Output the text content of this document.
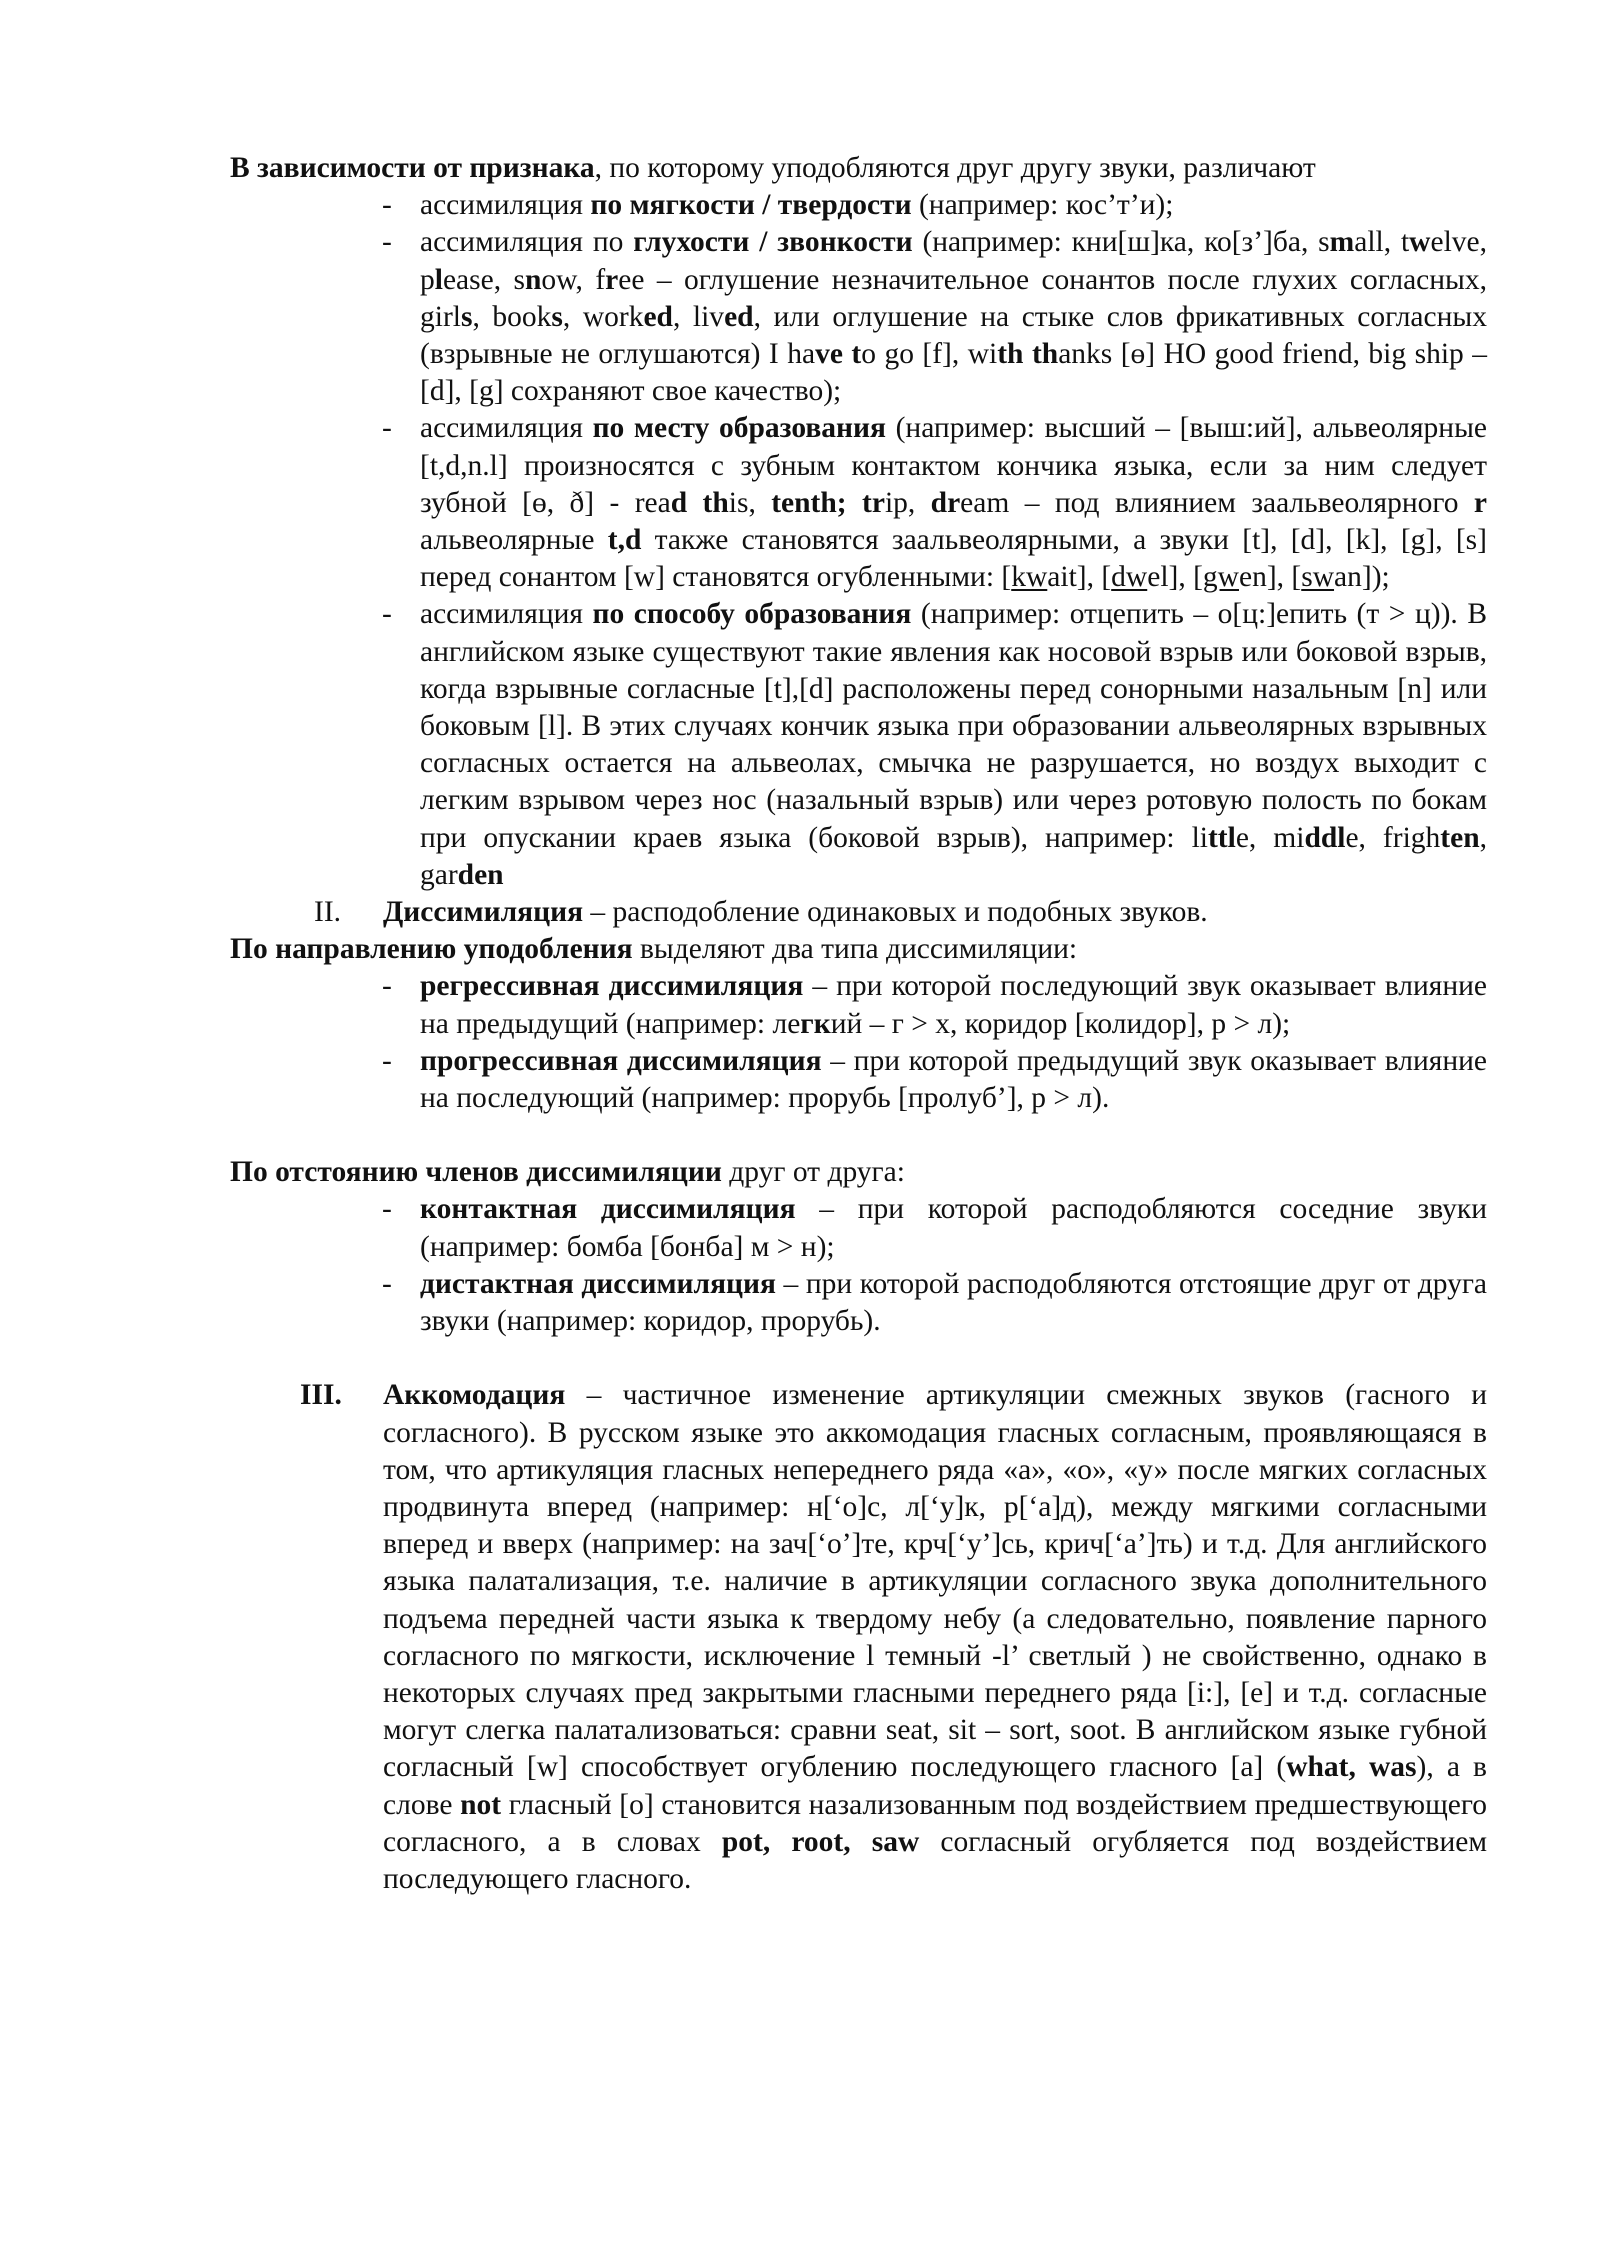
В зависимости от признака, по которому уподобляются друг другу звуки, различают

- ассимиляция по мягкости / твердости (например: кос’т’и);
- ассимиляция по глухости / звонкости (например: кни[ш]ка, ко[з’]ба, small, twelve, please, snow, free – оглушение незначительное сонантов после глухих согласных, girls, books, worked, lived, или оглушение на стыке слов фрикативных согласных (взрывные не оглушаются) I have to go [f], with thanks [ɵ] НО good friend, big ship – [d], [g] сохраняют свое качество);
- ассимиляция по месту образования (например: высший – [выш:ий], альвеолярные [t,d,n.l] произносятся с зубным контактом кончика языка, если за ним следует зубной [ɵ, ð] - read this, tenth; trip, dream – под влиянием заальвеолярного r альвеолярные t,d также становятся заальвеолярными, а звуки [t], [d], [k], [g], [s] перед сонантом [w] становятся огубленными: [kwait], [dwel], [gwen], [swan]);
- ассимиляция по способу образования (например: отцепить – о[ц:]епить (т > ц)). В английском языке существуют такие явления как носовой взрыв или боковой взрыв, когда взрывные согласные [t],[d] расположены перед сонорными назальным [n] или боковым [l]. В этих случаях кончик языка при образовании альвеолярных взрывных согласных остается на альвеолах, смычка не разрушается, но воздух выходит с легким взрывом через нос (назальный взрыв) или через ротовую полость по бокам при опускании краев языка (боковой взрыв), например: little, middle, frighten, garden

II. Диссимиляция – расподобление одинаковых и подобных звуков.

По направлению уподобления выделяют два типа диссимиляции:

- регрессивная диссимиляция – при которой последующий звук оказывает влияние на предыдущий (например: легкий – г > х, коридор [колидор], р > л);
- прогрессивная диссимиляция – при которой предыдущий звук оказывает влияние на последующий (например: прорубь [пролуб’], р > л).

По отстоянию членов диссимиляции друг от друга:

- контактная диссимиляция – при которой расподобляются соседние звуки (например: бомба [бонба] м > н);
- дистактная диссимиляция – при которой расподобляются отстоящие друг от друга звуки (например: коридор, прорубь).

III. Аккомодация – частичное изменение артикуляции смежных звуков (гасного и согласного). В русском языке это аккомодация гласных согласным, проявляющаяся в том, что артикуляция гласных непереднего ряда «а», «о», «у» после мягких согласных продвинута вперед (например: н[‘о]с, л[‘у]к, р[‘а]д), между мягкими согласными вперед и вверх (например: на зач[‘о’]те, крч[‘у’]сь, крич[‘а’]ть) и т.д. Для английского языка палатализация, т.е. наличие в артикуляции согласного звука дополнительного подъема передней части языка к твердому небу (а следовательно, появление парного согласного по мягкости, исключение l темный -l’ светлый ) не свойственно, однако в некоторых случаях пред закрытыми гласными переднего ряда [i:], [e] и т.д. согласные могут слегка палатализоваться: сравни seat, sit – sort, soot. В английском языке губной согласный [w] способствует огублению последующего гласного [a] (what, was), а в слове not гласный [o] становится назализованным под воздействием предшествующего согласного, а в словах pot, root, saw согласный огубляется под воздействием последующего гласного.
